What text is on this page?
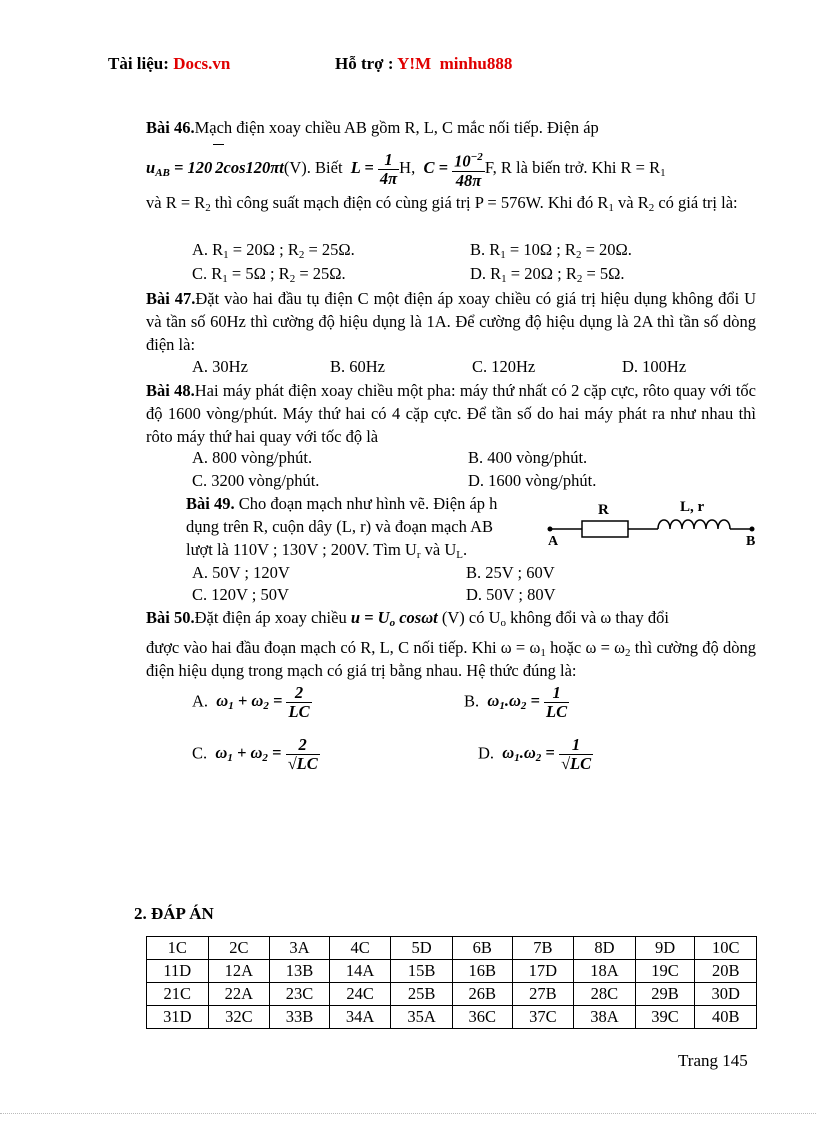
Tài liệu: Docs.vn	Hỗ trợ : Y!M minhu888
Bài 46.Mạch điện xoay chiều AB gồm R, L, C mắc nối tiếp. Điện áp
$u_{AB} = 120$ 2cos120πt(V). Biết $L = \frac{1}{4\pi} H$, $C = \frac{10^{-2}}{48\pi} F$, R là biến trở. Khi $R = R_1$
và $R = R_2$ thì công suất mạch điện có cùng giá trị P = 576W. Khi đó $R_1$ và $R_2$ có giá trị là:
A. $R_1 = 20\Omega$ ; $R_2 = 25\Omega$.	B. $R_1 = 10\Omega$ ; $R_2 = 20\Omega$.
C. $R_1 = 5\Omega$ ; $R_2 = 25\Omega$.	D. $R_1 = 20\Omega$ ; $R_2 = 5\Omega$.
Bài 47.Đặt vào hai đầu tụ điện C một điện áp xoay chiều có giá trị hiệu dụng không đổi U và tần số 60Hz thì cường độ hiệu dụng là 1A. Để cường độ hiệu dụng là 2A thì tần số dòng điện là:
A. 30Hz	B. 60Hz	C. 120Hz	D. 100Hz
Bài 48.Hai máy phát điện xoay chiều một pha: máy thứ nhất có 2 cặp cực, rôto quay với tốc độ 1600 vòng/phút. Máy thứ hai có 4 cặp cực. Để tần số do hai máy phát ra như nhau thì rôto máy thứ hai quay với tốc độ là
A. 800 vòng/phút.	B. 400 vòng/phút.
C. 3200 vòng/phút.	D. 1600 vòng/phút.
Bài 49. Cho đoạn mạch như hình vẽ. Điện áp h
dụng trên R, cuộn dây (L, r) và đoạn mạch AB
lượt là 110V ; 130V ; 200V. Tìm $U_r$ và $U_L$.
R	L, r
A	B
A. 50V ; 120V	B. 25V ; 60V
C. 120V ; 50V	D. 50V ; 80V
Bài 50.Đặt điện áp xoay chiều $u = U_o$ cosωt (V) có $U_o$ không đổi và ω thay đổi
được vào hai đầu đoạn mạch có R, L, C nối tiếp. Khi $\omega = \omega_1$ hoặc $\omega = \omega_2$ thì cường độ dòng điện hiệu dụng trong mạch có giá trị bằng nhau. Hệ thức đúng là:
A. $\omega_1 + \omega_2 = \frac{2}{LC}$	B. $\omega_1.\omega_2 = \frac{1}{LC}$
C. $\omega_1 + \omega_2 = \frac{2}{√LC}$	D. $\omega_1.\omega_2 = \frac{1}{√LC}$
2. ĐÁP ÁN
1C	2C	3A	4C	5D	6B	7B	8D	9D	10C
11D	12A	13B	14A	15B	16B	17D	18A	19C	20B
21C	22A	23C	24C	25B	26B	27B	28C	29B	30D
31D	32C	33B	34A	35A	36C	37C	38A	39C	40B
Trang 145
